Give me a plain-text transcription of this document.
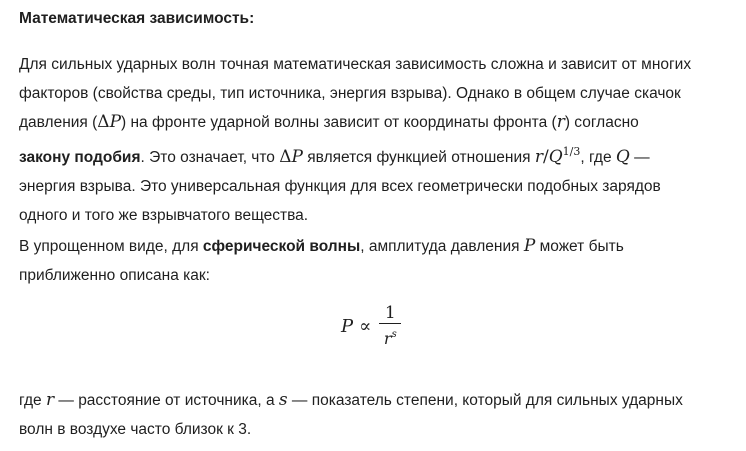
Математическая зависимость:
Для сильных ударных волн точная математическая зависимость сложна и зависит от многих
факторов (свойства среды, тип источника, энергия взрыва). Однако в общем случае скачок
давления (ΔP) на фронте ударной волны зависит от координаты фронта (r) согласно
закону подобия. Это означает, что ΔP является функцией отношения $r/Q^{1/3}$, где Q —
энергия взрыва. Это универсальная функция для всех геометрически подобных зарядов
одного и того же взрывчатого вещества.
В упрощенном виде, для сферической волны, амплитуда давления P может быть
приближенно описана как:
$P \propto \frac{1}{r^s}$
где r — расстояние от источника, а s — показатель степени, который для сильных ударных
волн в воздухе часто близок к 3.
